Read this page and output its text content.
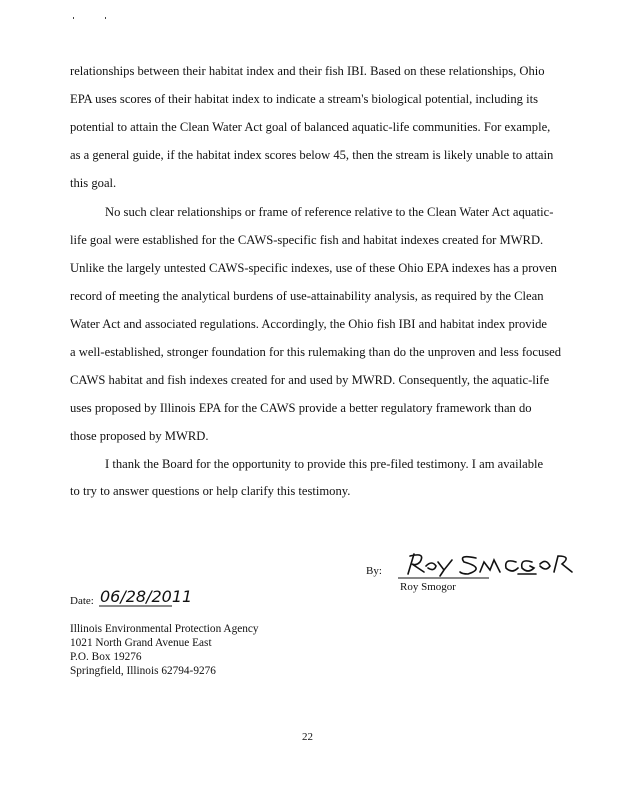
relationships between their habitat index and their fish IBI. Based on these relationships, Ohio
EPA uses scores of their habitat index to indicate a stream's biological potential, including its
potential to attain the Clean Water Act goal of balanced aquatic-life communities. For example,
as a general guide, if the habitat index scores below 45, then the stream is likely unable to attain
this goal.
No such clear relationships or frame of reference relative to the Clean Water Act aquatic-
life goal were established for the CAWS-specific fish and habitat indexes created for MWRD.
Unlike the largely untested CAWS-specific indexes, use of these Ohio EPA indexes has a proven
record of meeting the analytical burdens of use-attainability analysis, as required by the Clean
Water Act and associated regulations. Accordingly, the Ohio fish IBI and habitat index provide
a well-established, stronger foundation for this rulemaking than do the unproven and less focused
CAWS habitat and fish indexes created for and used by MWRD. Consequently, the aquatic-life
uses proposed by Illinois EPA for the CAWS provide a better regulatory framework than do
those proposed by MWRD.
I thank the Board for the opportunity to provide this pre-filed testimony. I am available
to try to answer questions or help clarify this testimony.
By:
Roy Smogor
Date: 06/28/2011
Illinois Environmental Protection Agency
1021 North Grand Avenue East
P.O. Box 19276
Springfield, Illinois 62794-9276
22
